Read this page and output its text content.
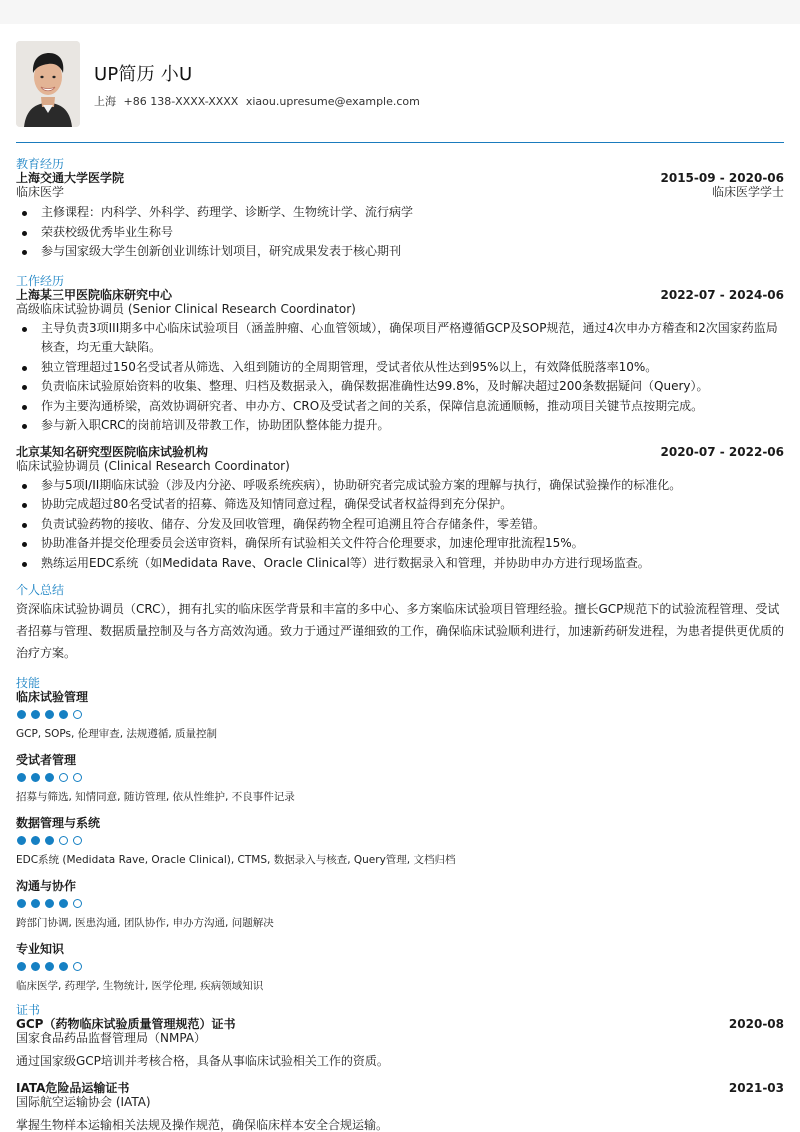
UP简历 小U
上海 +86 138-XXXX-XXXX xiaou.upresume@example.com
教育经历
上海交通大学医学院	2015-09 - 2020-06
临床医学	临床医学学士
主修课程：内科学、外科学、药理学、诊断学、生物统计学、流行病学
荣获校级优秀毕业生称号
参与国家级大学生创新创业训练计划项目，研究成果发表于核心期刊
工作经历
上海某三甲医院临床研究中心	2022-07 - 2024-06
高级临床试验协调员 (Senior Clinical Research Coordinator)
主导负责3项III期多中心临床试验项目（涵盖肿瘤、心血管领域），确保项目严格遵循GCP及SOP规范，通过4次申办方稽查和2次国家药监局核查，均无重大缺陷。
独立管理超过150名受试者从筛选、入组到随访的全周期管理，受试者依从性达到95%以上，有效降低脱落率10%。
负责临床试验原始资料的收集、整理、归档及数据录入，确保数据准确性达99.8%，及时解决超过200条数据疑问（Query）。
作为主要沟通桥梁，高效协调研究者、申办方、CRO及受试者之间的关系，保障信息流通顺畅，推动项目关键节点按期完成。
参与新入职CRC的岗前培训及带教工作，协助团队整体能力提升。
北京某知名研究型医院临床试验机构	2020-07 - 2022-06
临床试验协调员 (Clinical Research Coordinator)
参与5项I/II期临床试验（涉及内分泌、呼吸系统疾病），协助研究者完成试验方案的理解与执行，确保试验操作的标准化。
协助完成超过80名受试者的招募、筛选及知情同意过程，确保受试者权益得到充分保护。
负责试验药物的接收、储存、分发及回收管理，确保药物全程可追溯且符合存储条件，零差错。
协助准备并提交伦理委员会送审资料，确保所有试验相关文件符合伦理要求，加速伦理审批流程15%。
熟练运用EDC系统（如Medidata Rave、Oracle Clinical等）进行数据录入和管理，并协助申办方进行现场监查。
个人总结
资深临床试验协调员（CRC），拥有扎实的临床医学背景和丰富的多中心、多方案临床试验项目管理经验。擅长GCP规范下的试验流程管理、受试者招募与管理、数据质量控制及与各方高效沟通。致力于通过严谨细致的工作，确保临床试验顺利进行，加速新药研发进程，为患者提供更优质的治疗方案。
技能
临床试验管理
GCP, SOPs, 伦理审查, 法规遵循, 质量控制
受试者管理
招募与筛选, 知情同意, 随访管理, 依从性维护, 不良事件记录
数据管理与系统
EDC系统 (Medidata Rave, Oracle Clinical), CTMS, 数据录入与核查, Query管理, 文档归档
沟通与协作
跨部门协调, 医患沟通, 团队协作, 申办方沟通, 问题解决
专业知识
临床医学, 药理学, 生物统计, 医学伦理, 疾病领域知识
证书
GCP（药物临床试验质量管理规范）证书	2020-08
国家食品药品监督管理局（NMPA）
通过国家级GCP培训并考核合格，具备从事临床试验相关工作的资质。
IATA危险品运输证书	2021-03
国际航空运输协会 (IATA)
掌握生物样本运输相关法规及操作规范，确保临床样本安全合规运输。
